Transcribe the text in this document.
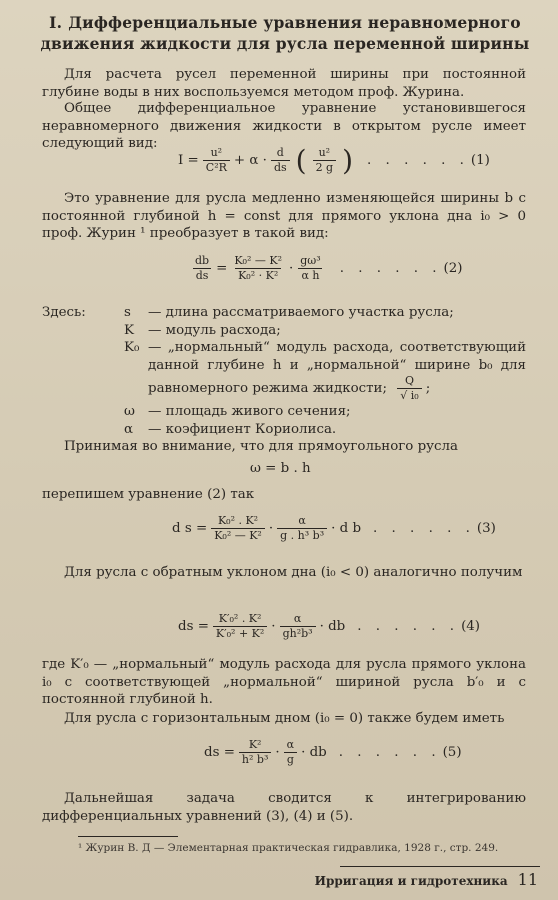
I. Дифференциальные уравнения неравномерного движения жидкости для русла переменной ширины
Для расчета русел переменной ширины при постоянной глубине воды в них воспользуемся методом проф. Журина.
Общее дифференциальное уравнение установившегося неравномерного движения жидкости в открытом русле имеет следующий вид:
$I = \frac{\text{u²}}{\text{C²R}} + \alpha \cdot \frac{d}{ds}$ ( $\frac{\text{u²}}{2 g}$ ) . . . . . . (1)
Это уравнение для русла медленно изменяющейся ширины b с постоянной глубиной h = const для прямого уклона дна i₀ > 0 проф. Журин ¹ преобразует в такой вид:
$\frac{db}{ds} = \frac{\text{K₀² — K²}}{\text{K₀² · K²}} \cdot \frac{\text{gω³}}{\text{α h}}$ . . . . . . (2)
Здесь:	s	— длина рассматриваемого участка русла;
K	— модуль расхода;
K₀ — „нормальный“ модуль расхода, соответствующий данной глубине h и „нормальной“ ширине b₀ для равномерного режима жидкости; $\frac{Q}{\text{√ i₀}}$ ;
ω — площадь живого сечения;
α	— коэфициент Кориолиса.
Принимая во внимание, что для прямоугольного русла
ω = b . h
перепишем уравнение (2) так
d $s = \frac{\text{K₀² . K²}}{\text{K₀² — K²}} \cdot \frac{\alpha}{\text{g . h³ b³}} \cdot d$ b . . . . . . (3)
Для русла с обратным уклоном дна (i₀ < 0) аналогично получим
ds = $\frac{\text{K′₀² . K²}}{\text{K′₀² + K²}} \cdot \frac{\alpha}{\text{gh²b³}}$ · db . . . . . . (4)
где K′₀ — „нормальный“ модуль расхода для русла прямого уклона i₀ с соответствующей „нормальной“ шириной русла b′₀ и с постоянной глубиной h.
Для русла с горизонтальным дном (i₀ = 0) также будем иметь
ds = $\frac{\text{K²}}{\text{h² b³}} \cdot \frac{\alpha}{g}$ · db . . . . . . (5)
Дальнейшая задача сводится к интегрированию дифференциальных уравнений (3), (4) и (5).
¹ Журин В. Д — Элементарная практическая гидравлика, 1928 г., стр. 249.
Ирригация и гидротехника 11
